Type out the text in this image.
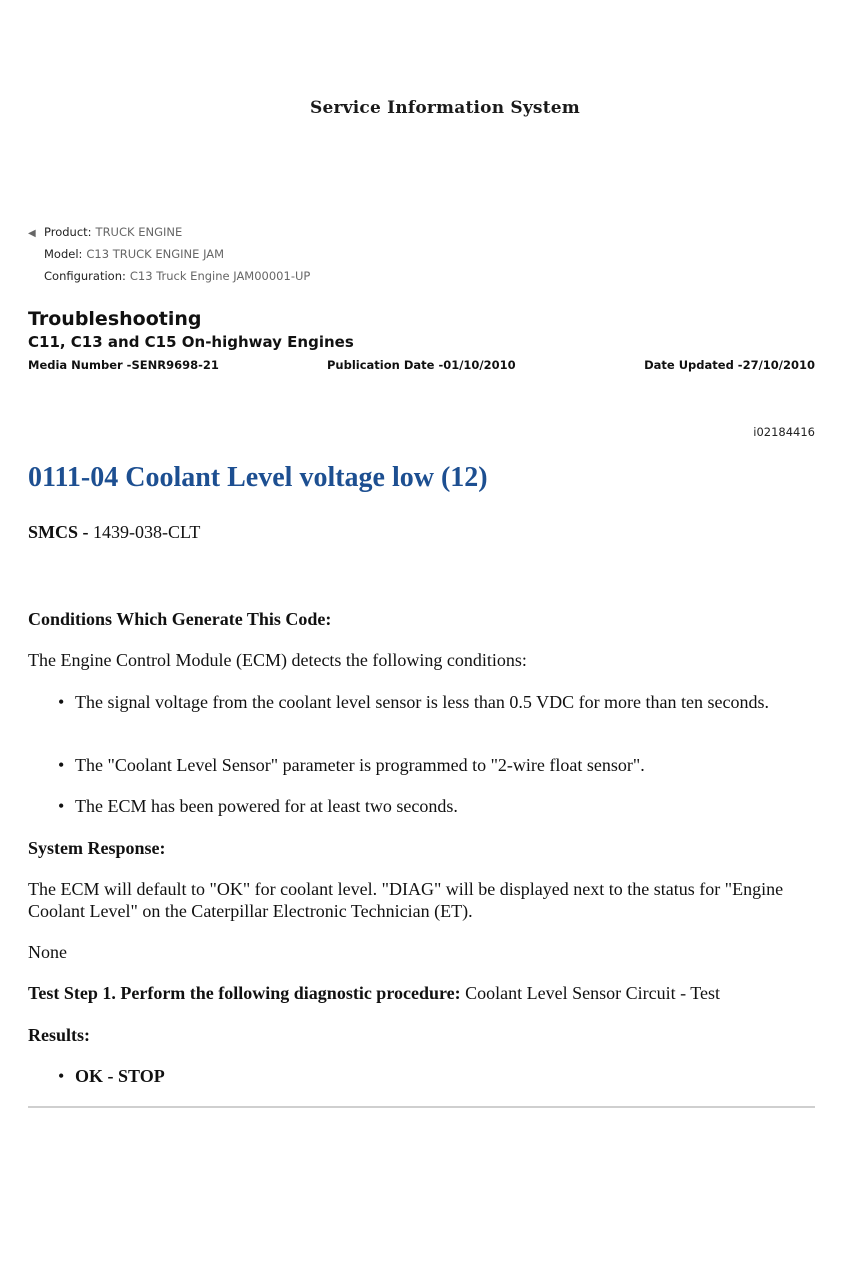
Service Information System
◀ Product: TRUCK ENGINE
Model: C13 TRUCK ENGINE JAM
Configuration: C13 Truck Engine JAM00001-UP
Troubleshooting
C11, C13 and C15 On-highway Engines
Media Number -SENR9698-21	Publication Date -01/10/2010	Date Updated -27/10/2010
i02184416
0111-04 Coolant Level voltage low (12)
SMCS - 1439-038-CLT
Conditions Which Generate This Code:
The Engine Control Module (ECM) detects the following conditions:
• The signal voltage from the coolant level sensor is less than 0.5 VDC for more than ten seconds.
• The "Coolant Level Sensor" parameter is programmed to "2-wire float sensor".
• The ECM has been powered for at least two seconds.
System Response:
The ECM will default to "OK" for coolant level. "DIAG" will be displayed next to the status for "Engine Coolant Level" on the Caterpillar Electronic Technician (ET).
None
Test Step 1. Perform the following diagnostic procedure: Coolant Level Sensor Circuit - Test
Results:
• OK - STOP
